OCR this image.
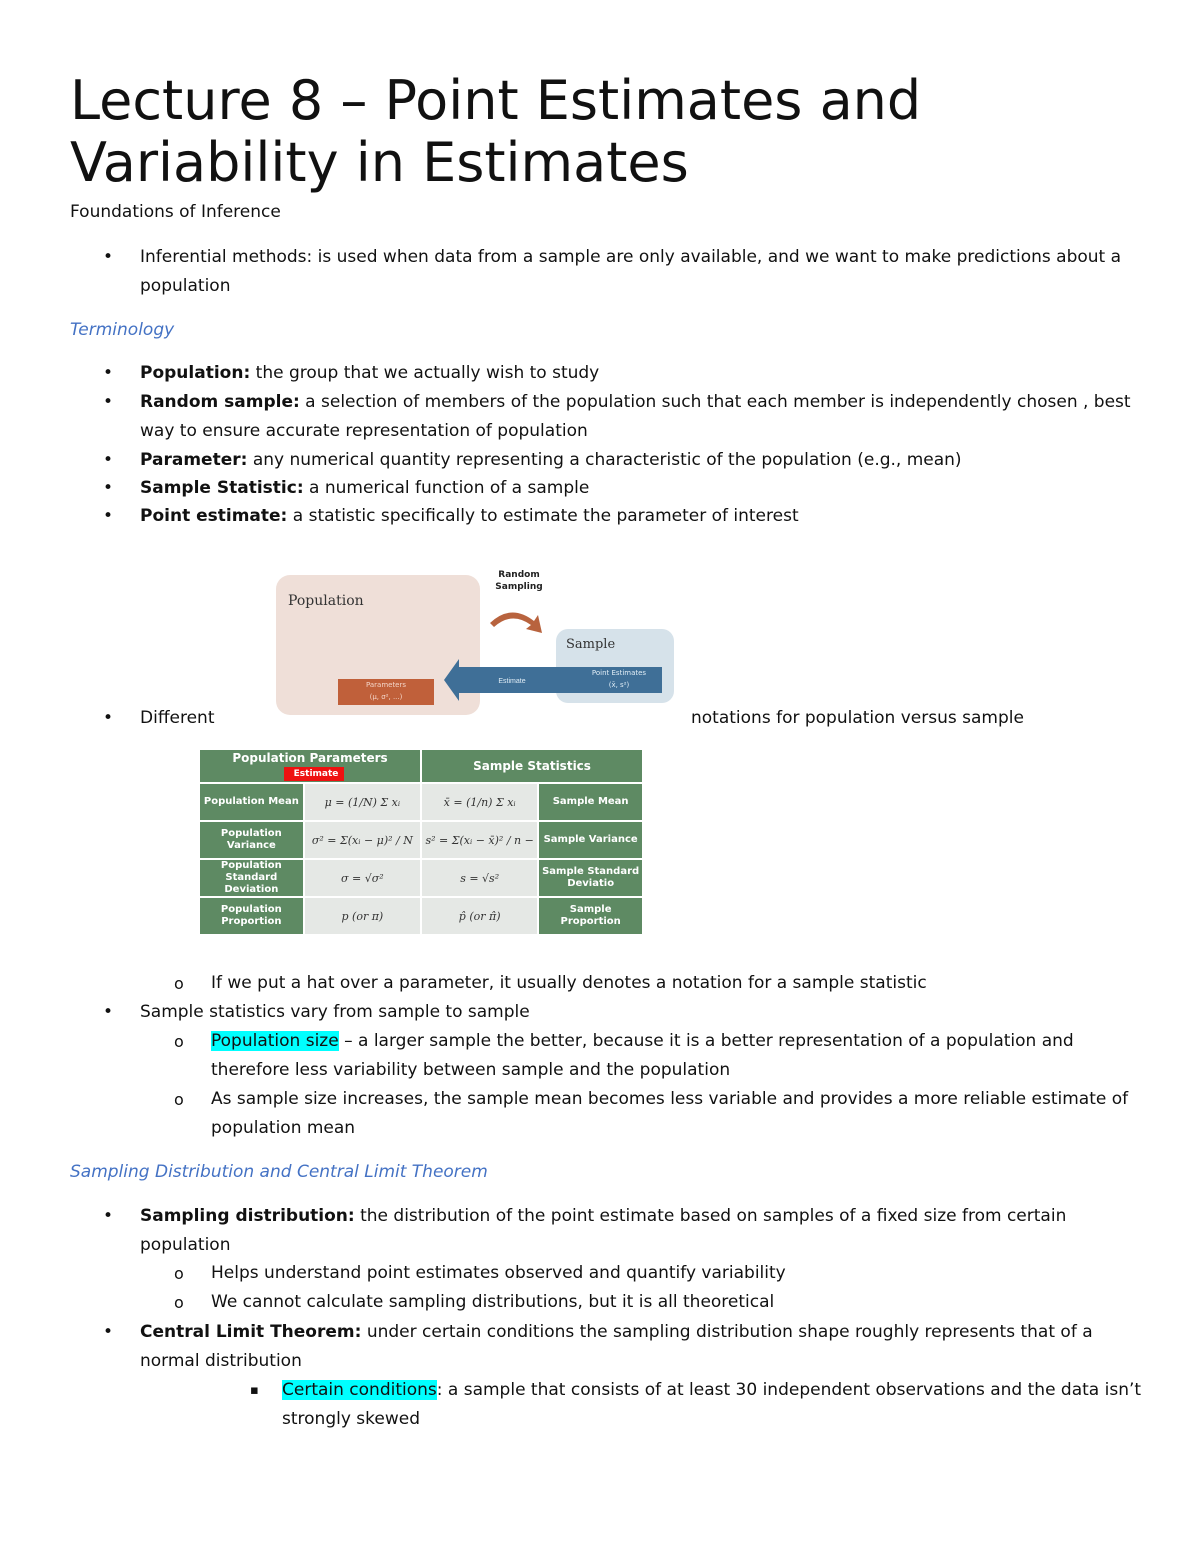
Lecture 8 – Point Estimates and Variability in Estimates
Foundations of Inference
• Inferential methods: is used when data from a sample are only available, and we want to make predictions about a population
Terminology
• Population: the group that we actually wish to study
• Random sample: a selection of members of the population such that each member is independently chosen , best way to ensure accurate representation of population
• Parameter: any numerical quantity representing a characteristic of the population (e.g., mean)
• Sample Statistic: a numerical function of a sample
• Point estimate: a statistic specifically to estimate the parameter of interest
Population
Parameters
(μ, σ², ...)
Sample
Point Estimates
(x̄, s²)
Random Sampling
Estimate
• Different	notations for population versus sample
Population Parameters Estimate		Sample Statistics	
Population Mean	μ = (1/N) Σ xᵢ	x̄ = (1/n) Σ xᵢ	Sample Mean
Population Variance	σ² = Σ(xᵢ − μ)² / N	s² = Σ(xᵢ − x̄)² / n −	Sample Variance
Population Standard Deviation	σ = √σ²	s = √s²	Sample Standard Deviatio
Population Proportion	p (or π)	p̂ (or π̂)	Sample Proportion
o If we put a hat over a parameter, it usually denotes a notation for a sample statistic
• Sample statistics vary from sample to sample
o Population size – a larger sample the better, because it is a better representation of a population and therefore less variability between sample and the population
o As sample size increases, the sample mean becomes less variable and provides a more reliable estimate of population mean
Sampling Distribution and Central Limit Theorem
• Sampling distribution: the distribution of the point estimate based on samples of a fixed size from certain population
o Helps understand point estimates observed and quantify variability
o We cannot calculate sampling distributions, but it is all theoretical
• Central Limit Theorem: under certain conditions the sampling distribution shape roughly represents that of a normal distribution
▪ Certain conditions: a sample that consists of at least 30 independent observations and the data isn’t strongly skewed
